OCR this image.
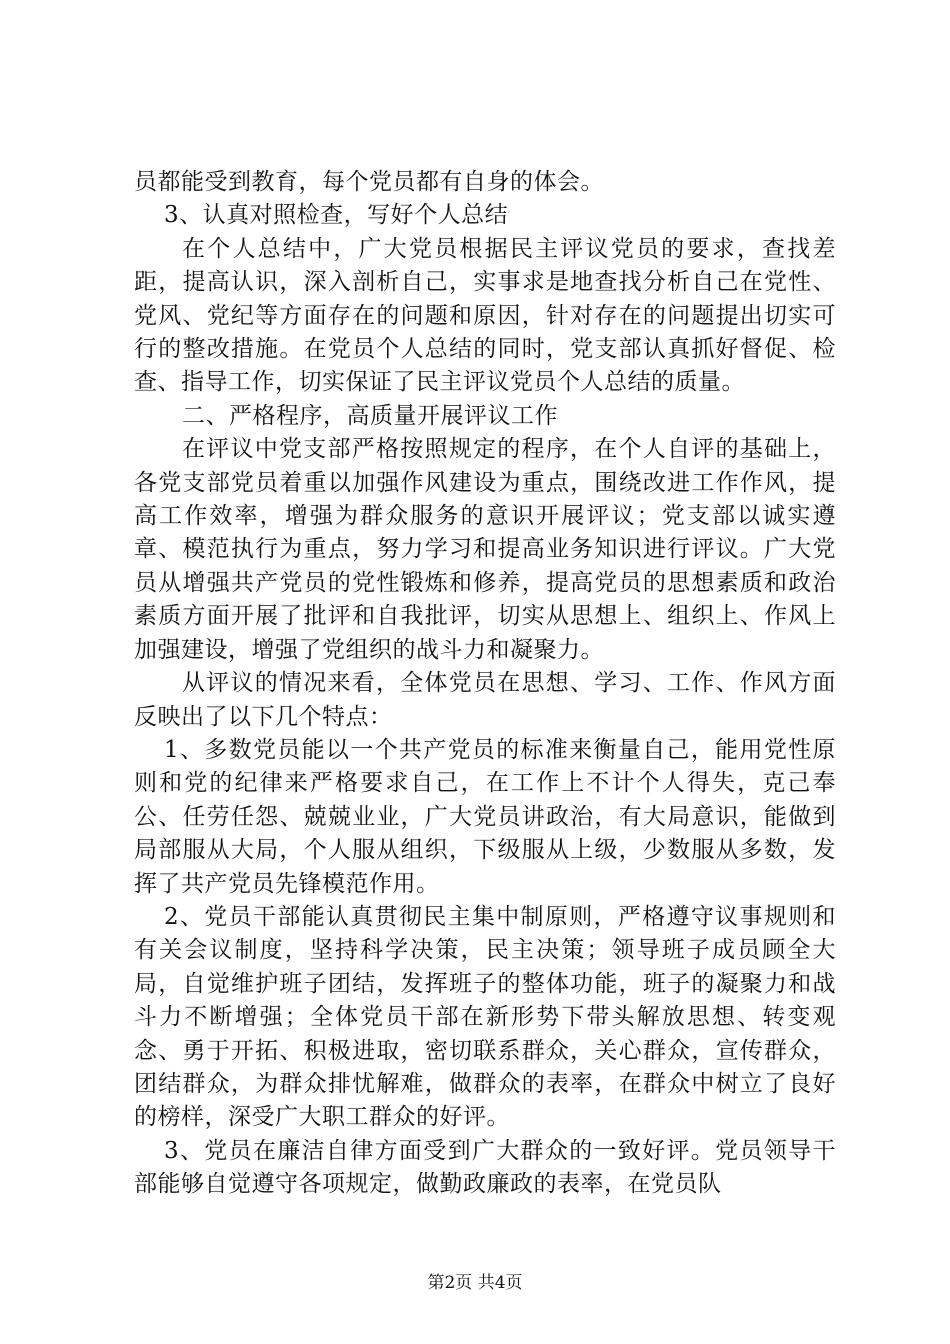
员都能受到教育，每个党员都有自身的体会。

3、认真对照检查，写好个人总结

在个人总结中，广大党员根据民主评议党员的要求，查找差距，提高认识，深入剖析自己，实事求是地查找分析自己在党性、党风、党纪等方面存在的问题和原因，针对存在的问题提出切实可行的整改措施。在党员个人总结的同时，党支部认真抓好督促、检查、指导工作，切实保证了民主评议党员个人总结的质量。

二、严格程序，高质量开展评议工作

在评议中党支部严格按照规定的程序，在个人自评的基础上，各党支部党员着重以加强作风建设为重点，围绕改进工作作风，提高工作效率，增强为群众服务的意识开展评议；党支部以诚实遵章、模范执行为重点，努力学习和提高业务知识进行评议。广大党员从增强共产党员的党性锻炼和修养，提高党员的思想素质和政治素质方面开展了批评和自我批评，切实从思想上、组织上、作风上加强建设，增强了党组织的战斗力和凝聚力。

从评议的情况来看，全体党员在思想、学习、工作、作风方面反映出了以下几个特点：

1、多数党员能以一个共产党员的标准来衡量自己，能用党性原则和党的纪律来严格要求自己，在工作上不计个人得失，克己奉公、任劳任怨、兢兢业业，广大党员讲政治，有大局意识，能做到局部服从大局，个人服从组织，下级服从上级，少数服从多数，发挥了共产党员先锋模范作用。

2、党员干部能认真贯彻民主集中制原则，严格遵守议事规则和有关会议制度，坚持科学决策，民主决策；领导班子成员顾全大局，自觉维护班子团结，发挥班子的整体功能，班子的凝聚力和战斗力不断增强；全体党员干部在新形势下带头解放思想、转变观念、勇于开拓、积极进取，密切联系群众，关心群众，宣传群众，团结群众，为群众排忧解难，做群众的表率，在群众中树立了良好的榜样，深受广大职工群众的好评。

3、党员在廉洁自律方面受到广大群众的一致好评。党员领导干部能够自觉遵守各项规定，做勤政廉政的表率，在党员队

第2页 共4页
